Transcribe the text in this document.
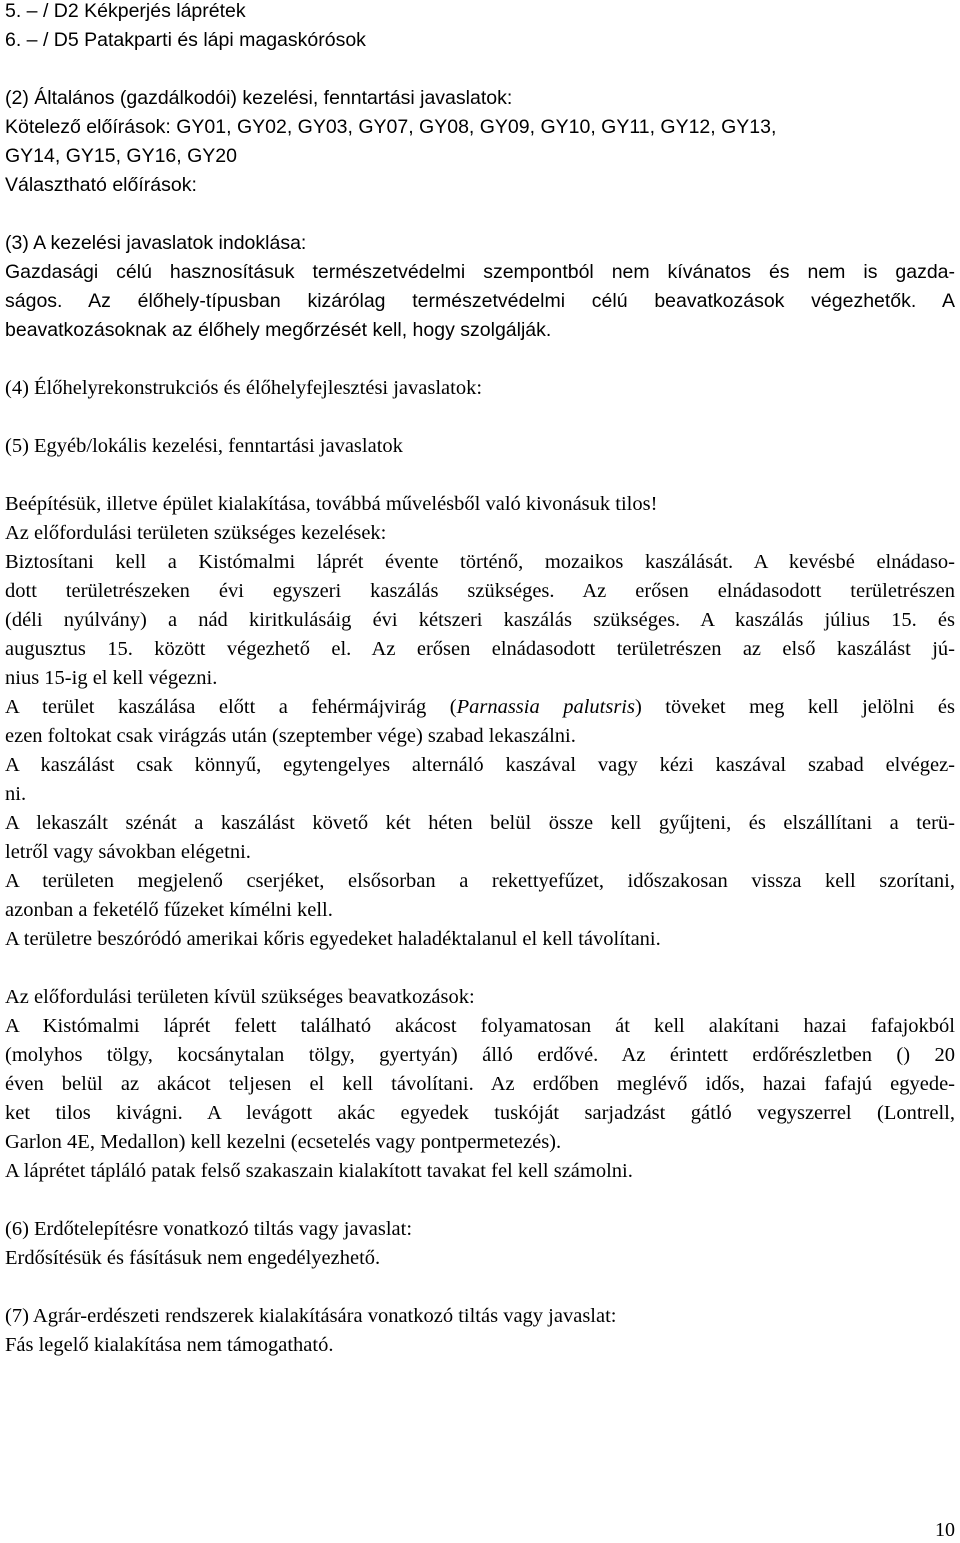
5. – / D2 Kékperjés láprétek
6. – / D5 Patakparti és lápi magaskórósok
(2) Általános (gazdálkodói) kezelési, fenntartási javaslatok:
Kötelező előírások: GY01, GY02, GY03, GY07, GY08, GY09, GY10, GY11, GY12, GY13,
GY14, GY15, GY16, GY20
Választható előírások:
(3) A kezelési javaslatok indoklása:
Gazdasági célú hasznosításuk természetvédelmi szempontból nem kívánatos és nem is gazda-
ságos. Az élőhely-típusban kizárólag természetvédelmi célú beavatkozások végezhetők. A
beavatkozásoknak az élőhely megőrzését kell, hogy szolgálják.
(4) Élőhelyrekonstrukciós és élőhelyfejlesztési javaslatok:
(5) Egyéb/lokális kezelési, fenntartási javaslatok
Beépítésük, illetve épület kialakítása, továbbá művelésből való kivonásuk tilos!
Az előfordulási területen szükséges kezelések:
Biztosítani kell a Kistómalmi láprét évente történő, mozaikos kaszálását. A kevésbé elnádaso-
dott területrészeken évi egyszeri kaszálás szükséges. Az erősen elnádasodott területrészen
(déli nyúlvány) a nád kiritkulásáig évi kétszeri kaszálás szükséges. A kaszálás július 15. és
augusztus 15. között végezhető el. Az erősen elnádasodott területrészen az első kaszálást jú-
nius 15-ig el kell végezni.
A terület kaszálása előtt a fehérmájvirág (Parnassia palutsris) töveket meg kell jelölni és
ezen foltokat csak virágzás után (szeptember vége) szabad lekaszálni.
A kaszálást csak könnyű, egytengelyes alternáló kaszával vagy kézi kaszával szabad elvégez-
ni.
A lekaszált szénát a kaszálást követő két héten belül össze kell gyűjteni, és elszállítani a terü-
letről vagy sávokban elégetni.
A területen megjelenő cserjéket, elsősorban a rekettyefűzet, időszakosan vissza kell szorítani,
azonban a feketélő fűzeket kímélni kell.
A területre beszóródó amerikai kőris egyedeket haladéktalanul el kell távolítani.
Az előfordulási területen kívül szükséges beavatkozások:
A Kistómalmi láprét felett található akácost folyamatosan át kell alakítani hazai fafajokból
(molyhos tölgy, kocsánytalan tölgy, gyertyán) álló erdővé. Az érintett erdőrészletben () 20
éven belül az akácot teljesen el kell távolítani. Az erdőben meglévő idős, hazai fafajú egyede-
ket tilos kivágni. A levágott akác egyedek tuskóját sarjadzást gátló vegyszerrel (Lontrell,
Garlon 4E, Medallon) kell kezelni (ecsetelés vagy pontpermetezés).
A láprétet tápláló patak felső szakaszain kialakított tavakat fel kell számolni.
(6) Erdőtelepítésre vonatkozó tiltás vagy javaslat:
Erdősítésük és fásításuk nem engedélyezhető.
(7) Agrár-erdészeti rendszerek kialakítására vonatkozó tiltás vagy javaslat:
Fás legelő kialakítása nem támogatható.
10
